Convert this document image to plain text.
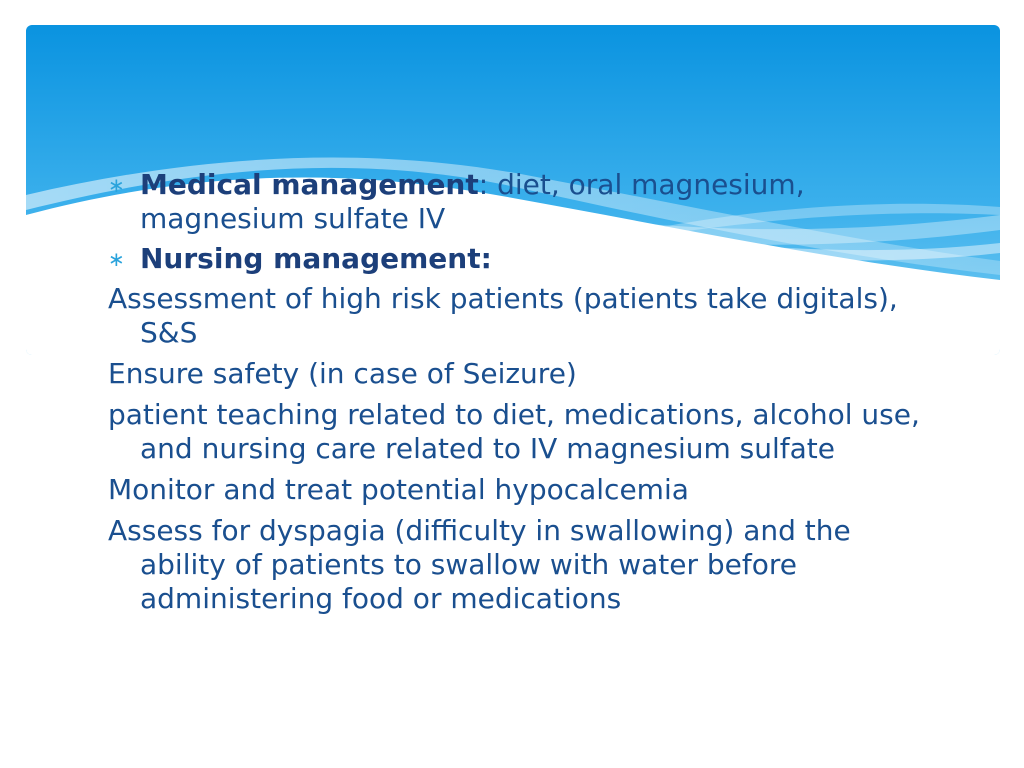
∗ Medical management: diet, oral magnesium, magnesium sulfate IV
∗ Nursing management:

Assessment of high risk patients (patients take digitals), S&S

Ensure safety (in case of Seizure)

patient teaching related to diet, medications, alcohol use, and nursing care related to IV magnesium sulfate

Monitor and treat potential hypocalcemia

Assess for dyspagia (difficulty in swallowing) and the ability of patients to swallow with water before administering food or medications
